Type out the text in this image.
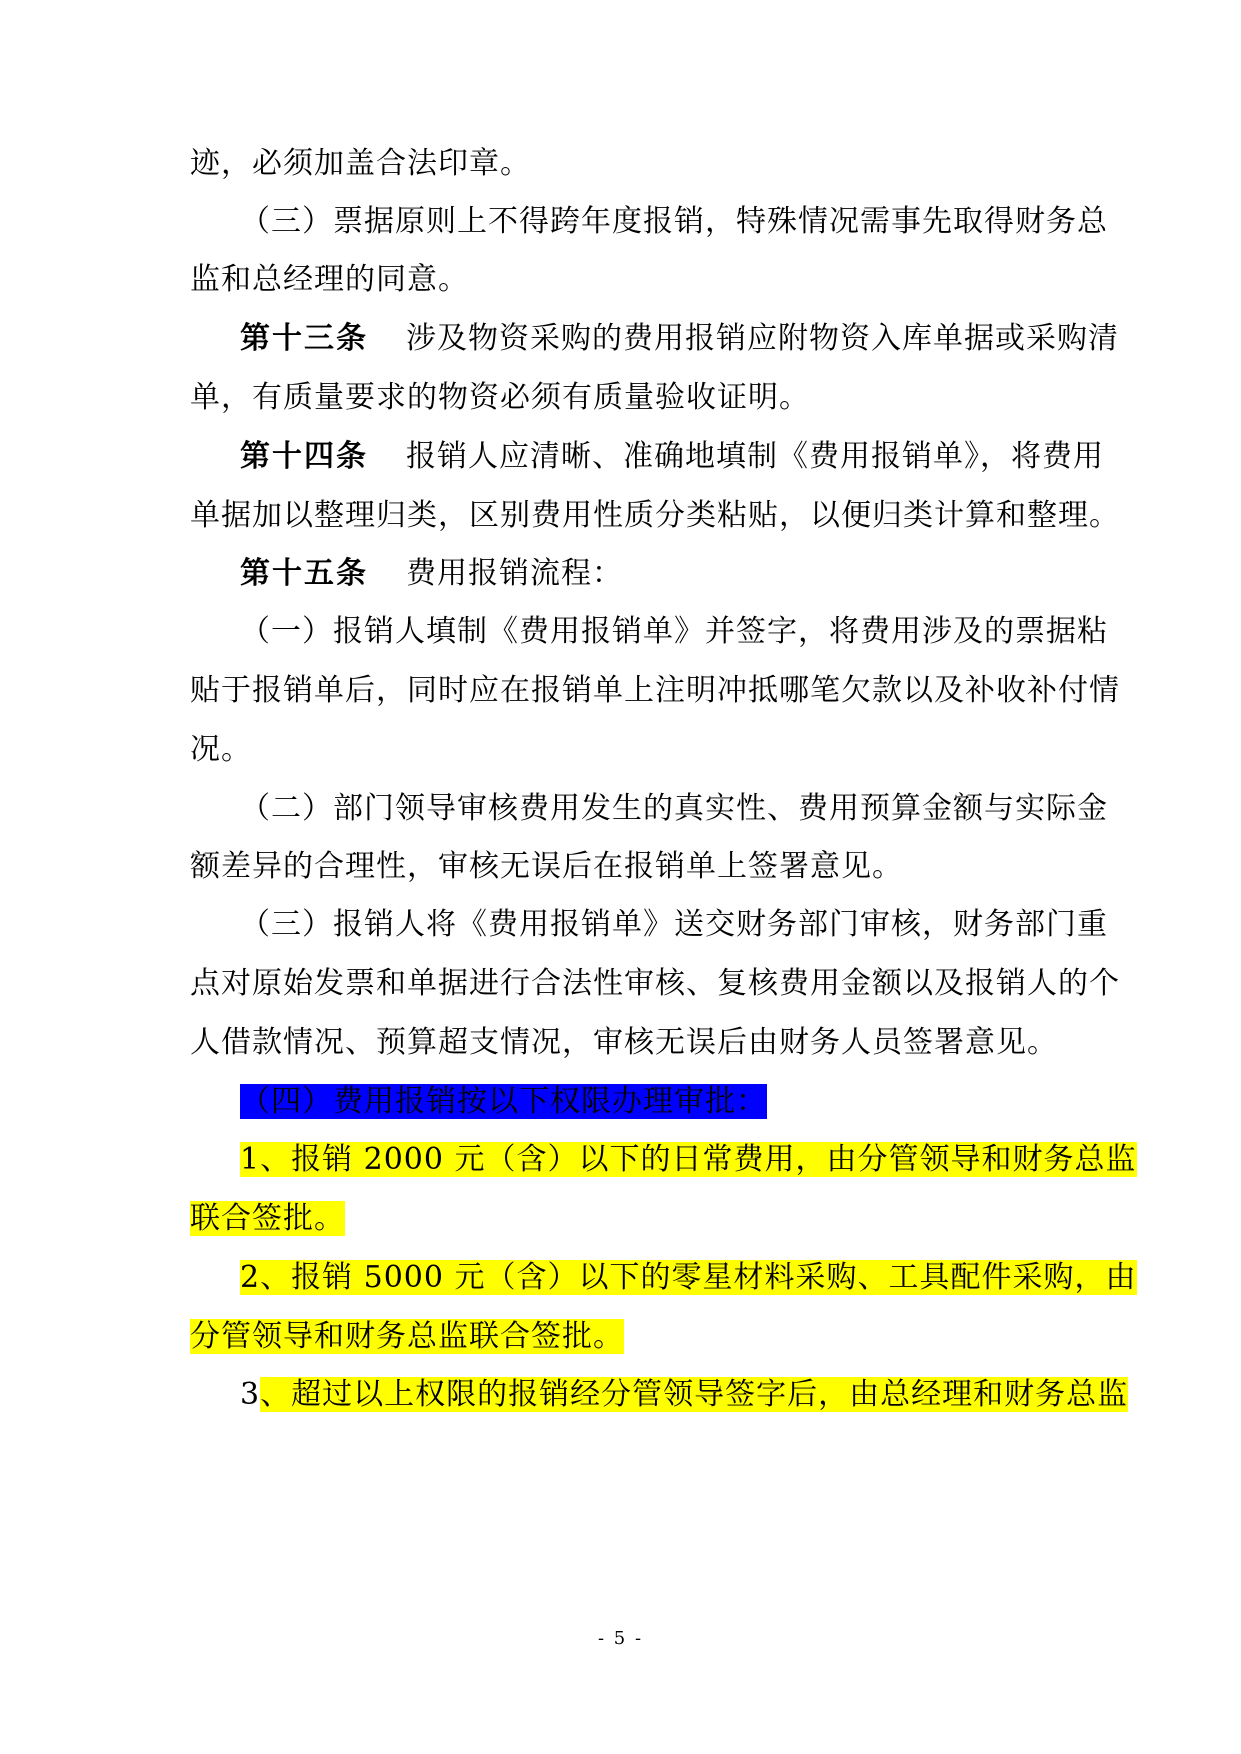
迹，必须加盖合法印章。
（三）票据原则上不得跨年度报销，特殊情况需事先取得财务总
监和总经理的同意。
第十三条 涉及物资采购的费用报销应附物资入库单据或采购清
单，有质量要求的物资必须有质量验收证明。
第十四条 报销人应清晰、准确地填制《费用报销单》，将费用
单据加以整理归类，区别费用性质分类粘贴，以便归类计算和整理。
第十五条 费用报销流程：
（一）报销人填制《费用报销单》并签字，将费用涉及的票据粘
贴于报销单后，同时应在报销单上注明冲抵哪笔欠款以及补收补付情
况。
（二）部门领导审核费用发生的真实性、费用预算金额与实际金
额差异的合理性，审核无误后在报销单上签署意见。
（三）报销人将《费用报销单》送交财务部门审核，财务部门重
点对原始发票和单据进行合法性审核、复核费用金额以及报销人的个
人借款情况、预算超支情况，审核无误后由财务人员签署意见。
（四）费用报销按以下权限办理审批：
1、报销 2000 元（含）以下的日常费用，由分管领导和财务总监
联合签批。
2、报销 5000 元（含）以下的零星材料采购、工具配件采购，由
分管领导和财务总监联合签批。
3、超过以上权限的报销经分管领导签字后，由总经理和财务总监
- 5 -
